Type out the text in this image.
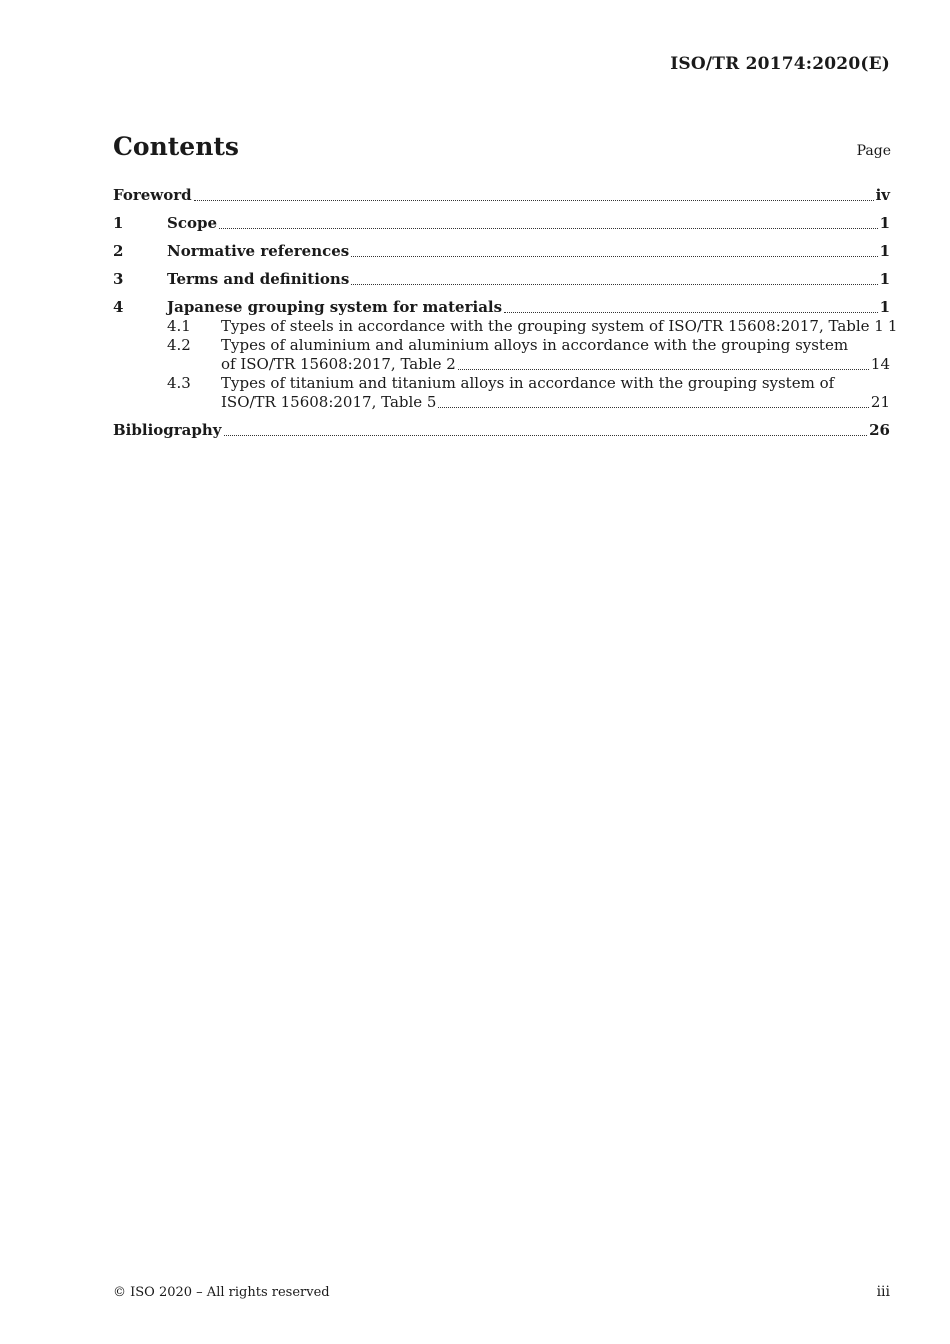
ISO/TR 20174:2020(E)
Contents	Page
Foreword	iv
1	Scope	1
2	Normative references	1
3	Terms and definitions	1
4	Japanese grouping system for materials	1
4.1	Types of steels in accordance with the grouping system of ISO/TR 15608:2017, Table 1 1
4.2	Types of aluminium and aluminium alloys in accordance with the grouping system
of ISO/TR 15608:2017, Table 2	14
4.3	Types of titanium and titanium alloys in accordance with the grouping system of
ISO/TR 15608:2017, Table 5	21
Bibliography	26
© ISO 2020 – All rights reserved	iii
